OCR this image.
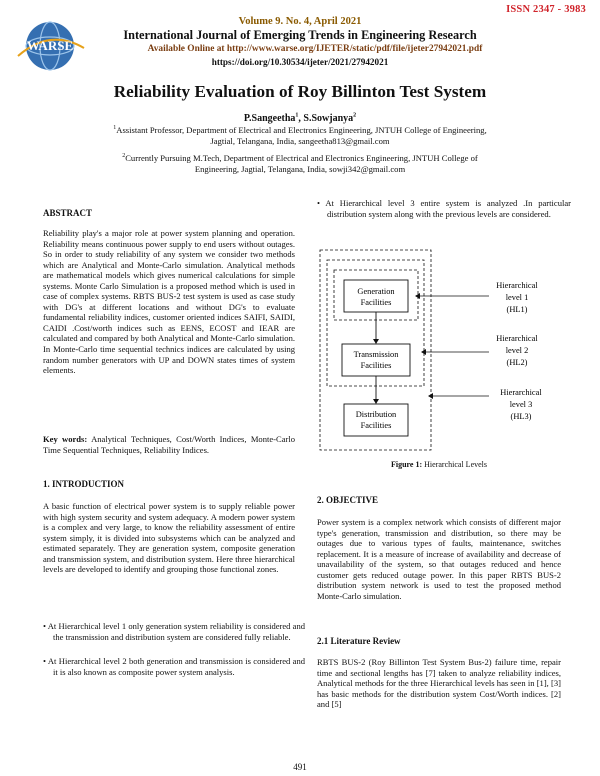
ISSN 2347 - 3983
WARSE
Volume 9. No. 4, April 2021
International Journal of Emerging Trends in Engineering Research
Available Online at http://www.warse.org/IJETER/static/pdf/file/ijeter27942021.pdf
https://doi.org/10.30534/ijeter/2021/27942021
Reliability Evaluation of Roy Billinton Test System
P.Sangeetha$^1$, S.Sowjanya$^2$
$^1$Assistant Professor, Department of Electrical and Electronics Engineering, JNTUH College of Engineering,
Jagtial, Telangana, India, sangeetha813@gmail.com
$^2$Currently Pursuing M.Tech, Department of Electrical and Electronics Engineering, JNTUH College of
Engineering, Jagtial, Telangana, India, sowji342@gmail.com
ABSTRACT

Reliability play's a major role at power system planning and operation. Reliability means continuous power supply to end users without outages. So in order to study reliability of any system we consider two methods which are Analytical and Monte-Carlo simulation. Analytical methods are mathematical models which gives numerical calculations for simple systems. Monte Carlo Simulation is a proposed method which is used in case of complex systems. RBTS BUS-2 test system is used as case study with DG's at different locations and without DG's to evaluate fundamental reliability indices, customer oriented indices SAIFI, SAIDI, CAIDI .Cost/worth indices such as EENS, ECOST and IEAR are calculated and compared by both Analytical and Monte-Carlo simulation. In Monte-Carlo time sequential technics indices are calculated by using random number generators with UP and DOWN states times of system elements.

Key words: Analytical Techniques, Cost/Worth Indices, Monte-Carlo Time Sequential Techniques, Reliability Indices.

1. INTRODUCTION

A basic function of electrical power system is to supply reliable power with high system security and system adequacy. A modern power system is a complex and very large, to know the reliability assessment of entire system simply, it is divided into subsystems which can be analyzed and estimated separately. They are generation system, composite generation and transmission system, and distribution system. Here three hierarchical levels are developed to identify and grouping those functional zones.

• At Hierarchical level 1 only generation system reliability is considered and the transmission and distribution system are considered fully reliable.

• At Hierarchical level 2 both generation and transmission is considered and it is also known as composite power system analysis.

• At Hierarchical level 3 entire system is analyzed .In particular distribution system along with the previous levels are considered.

Generation
Facilities
Transmission
Facilities
Distribution
Facilities
Hierarchical
level 1
(HL1)
Hierarchical
level 2
(HL2)
Hierarchical
level 3
(HL3)
Figure 1: Hierarchical Levels
2. OBJECTIVE

Power system is a complex network which consists of different major type's generation, transmission and distribution, so there may be outages due to various types of faults, maintenance, switches replacement. It is a measure of increase of availability and decrease of unavailability of the system, so that outages reduced and hence customer gets reduced outage power. In this paper RBTS BUS-2 distribution system network is used to test the proposed method Monte-Carlo simulation.

2.1 Literature Review

RBTS BUS-2 (Roy Billinton Test System Bus-2) failure time, repair time and sectional lengths has [7] taken to analyze reliability indices, Analytical methods for the three Hierarchical levels has seen in [1], [3] has basic methods for the distribution system Cost/Worth indices. [2] and [5]

491
